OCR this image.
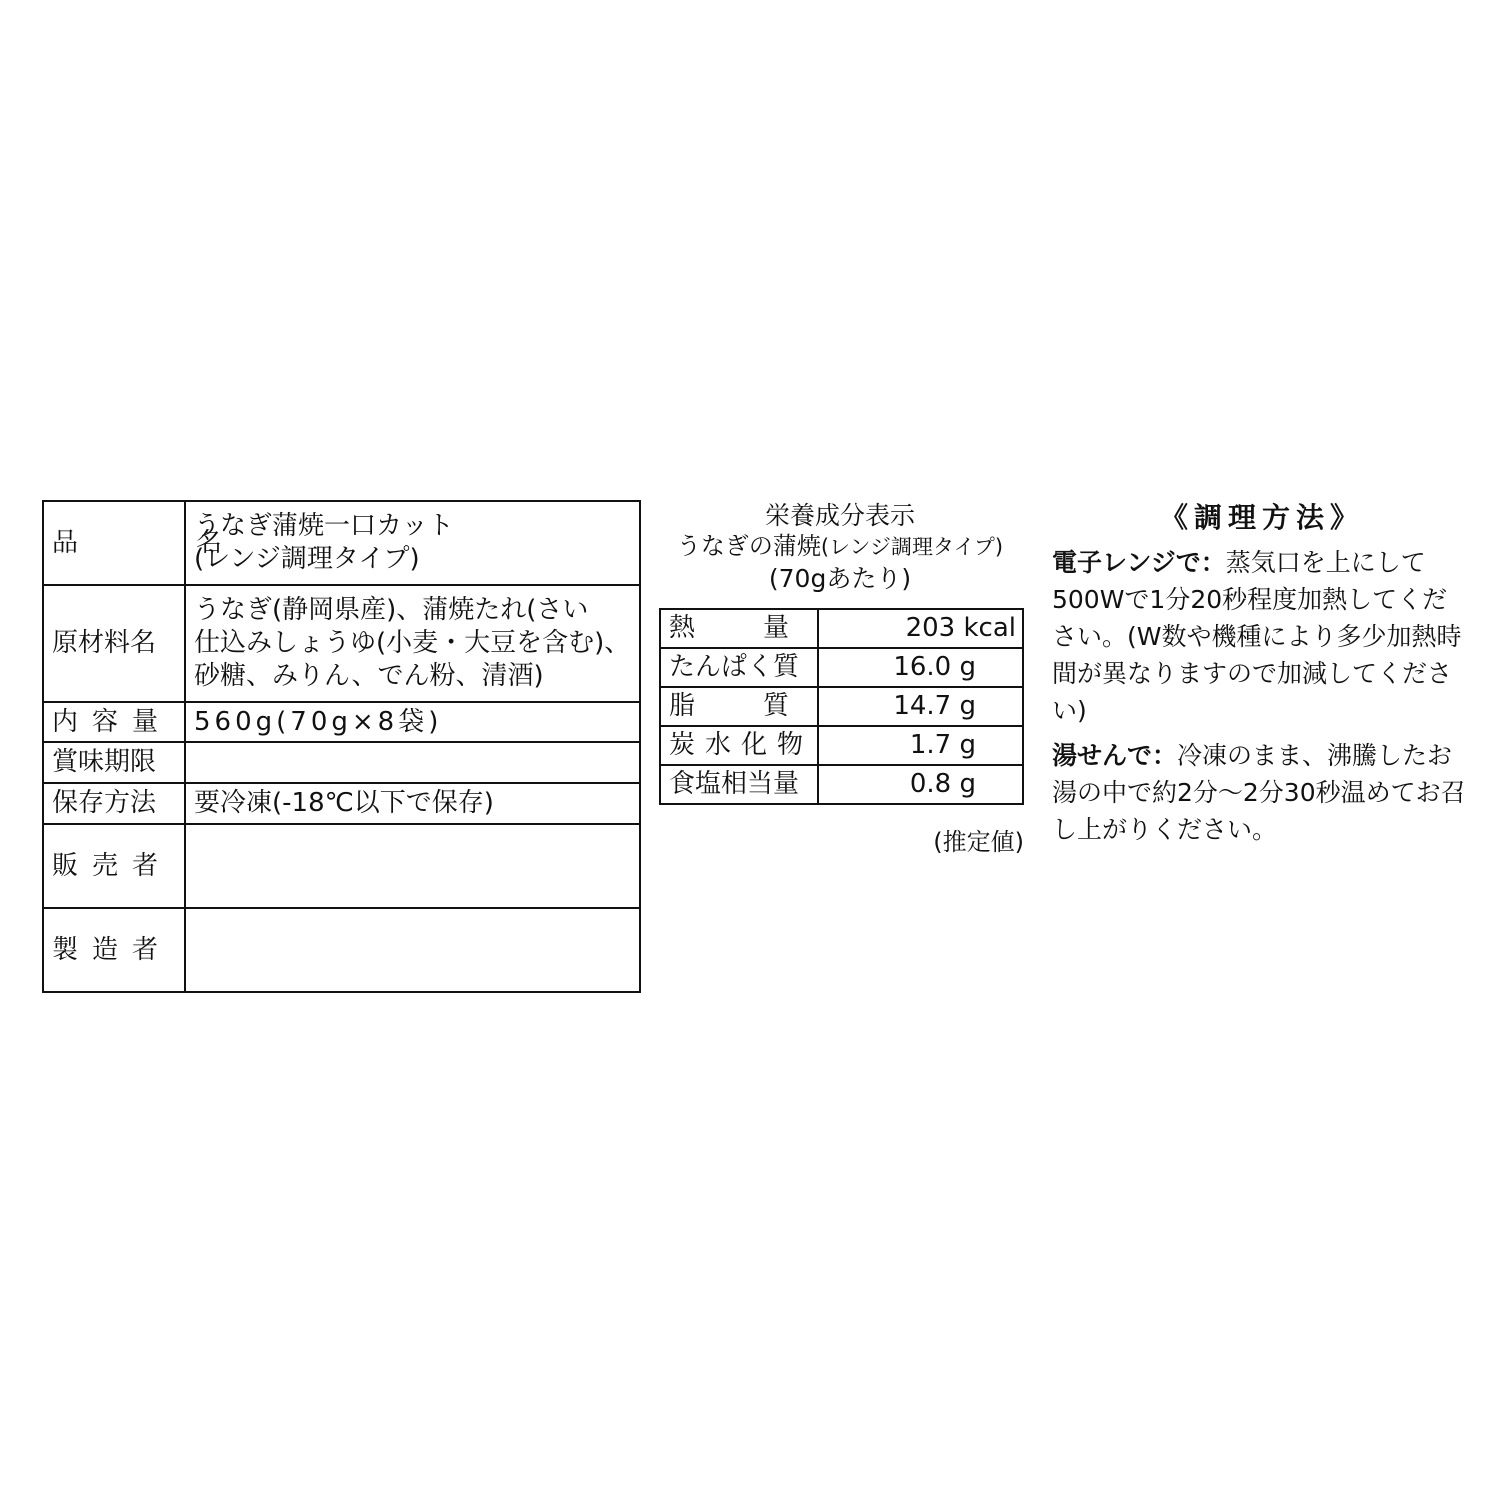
品　名	うなぎ蒲焼一口カット
(レンジ調理タイプ)

原材料名	うなぎ(静岡県産)、蒲焼たれ(さい
仕込みしょうゆ(小麦・大豆を含む)、
砂糖、みりん、でん粉、清酒)

内容量	560g(70g×8袋)
賞味期限	
保存方法	要冷凍(-18℃以下で保存)
販売者	
製造者	
栄養成分表示
うなぎの蒲焼(レンジ調理タイプ)
(70gあたり)
熱量	203 kcal
たんぱく質	16.0 g
脂質	14.7 g
炭水化物	1.7 g
食塩相当量	0.8 g
(推定値)
《調理方法》

電子レンジで：蒸気口を上にして500Wで1分20秒程度加熱してください。(W数や機種により多少加熱時間が異なりますので加減してください)

湯せんで：冷凍のまま、沸騰したお湯の中で約2分～2分30秒温めてお召し上がりください。
